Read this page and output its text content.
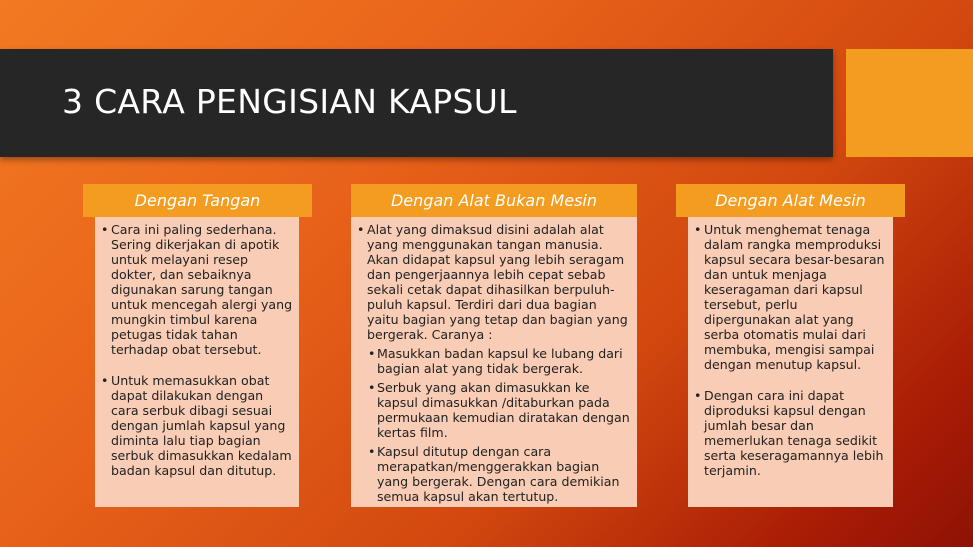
3 CARA PENGISIAN KAPSUL
Dengan Tangan

• Cara ini paling sederhana. Sering dikerjakan di apotik untuk melayani resep dokter, dan sebaiknya digunakan sarung tangan untuk mencegah alergi yang mungkin timbul karena petugas tidak tahan terhadap obat tersebut.

• Untuk memasukkan obat dapat dilakukan dengan cara serbuk dibagi sesuai dengan jumlah kapsul yang diminta lalu tiap bagian serbuk dimasukkan kedalam badan kapsul dan ditutup.

Dengan Alat Bukan Mesin

• Alat yang dimaksud disini adalah alat yang menggunakan tangan manusia. Akan didapat kapsul yang lebih seragam dan pengerjaannya lebih cepat sebab sekali cetak dapat dihasilkan berpuluh-puluh kapsul. Terdiri dari dua bagian yaitu bagian yang tetap dan bagian yang bergerak. Caranya :

• Masukkan badan kapsul ke lubang dari bagian alat yang tidak bergerak.

• Serbuk yang akan dimasukkan ke kapsul dimasukkan /ditaburkan pada permukaan kemudian diratakan dengan kertas film.

• Kapsul ditutup dengan cara merapatkan/menggerakkan bagian yang bergerak. Dengan cara demikian semua kapsul akan tertutup.

Dengan Alat Mesin

• Untuk menghemat tenaga dalam rangka memproduksi kapsul secara besar-besaran dan untuk menjaga keseragaman dari kapsul tersebut, perlu dipergunakan alat yang serba otomatis mulai dari membuka, mengisi sampai dengan menutup kapsul.

• Dengan cara ini dapat diproduksi kapsul dengan jumlah besar dan memerlukan tenaga sedikit serta keseragamannya lebih terjamin.
